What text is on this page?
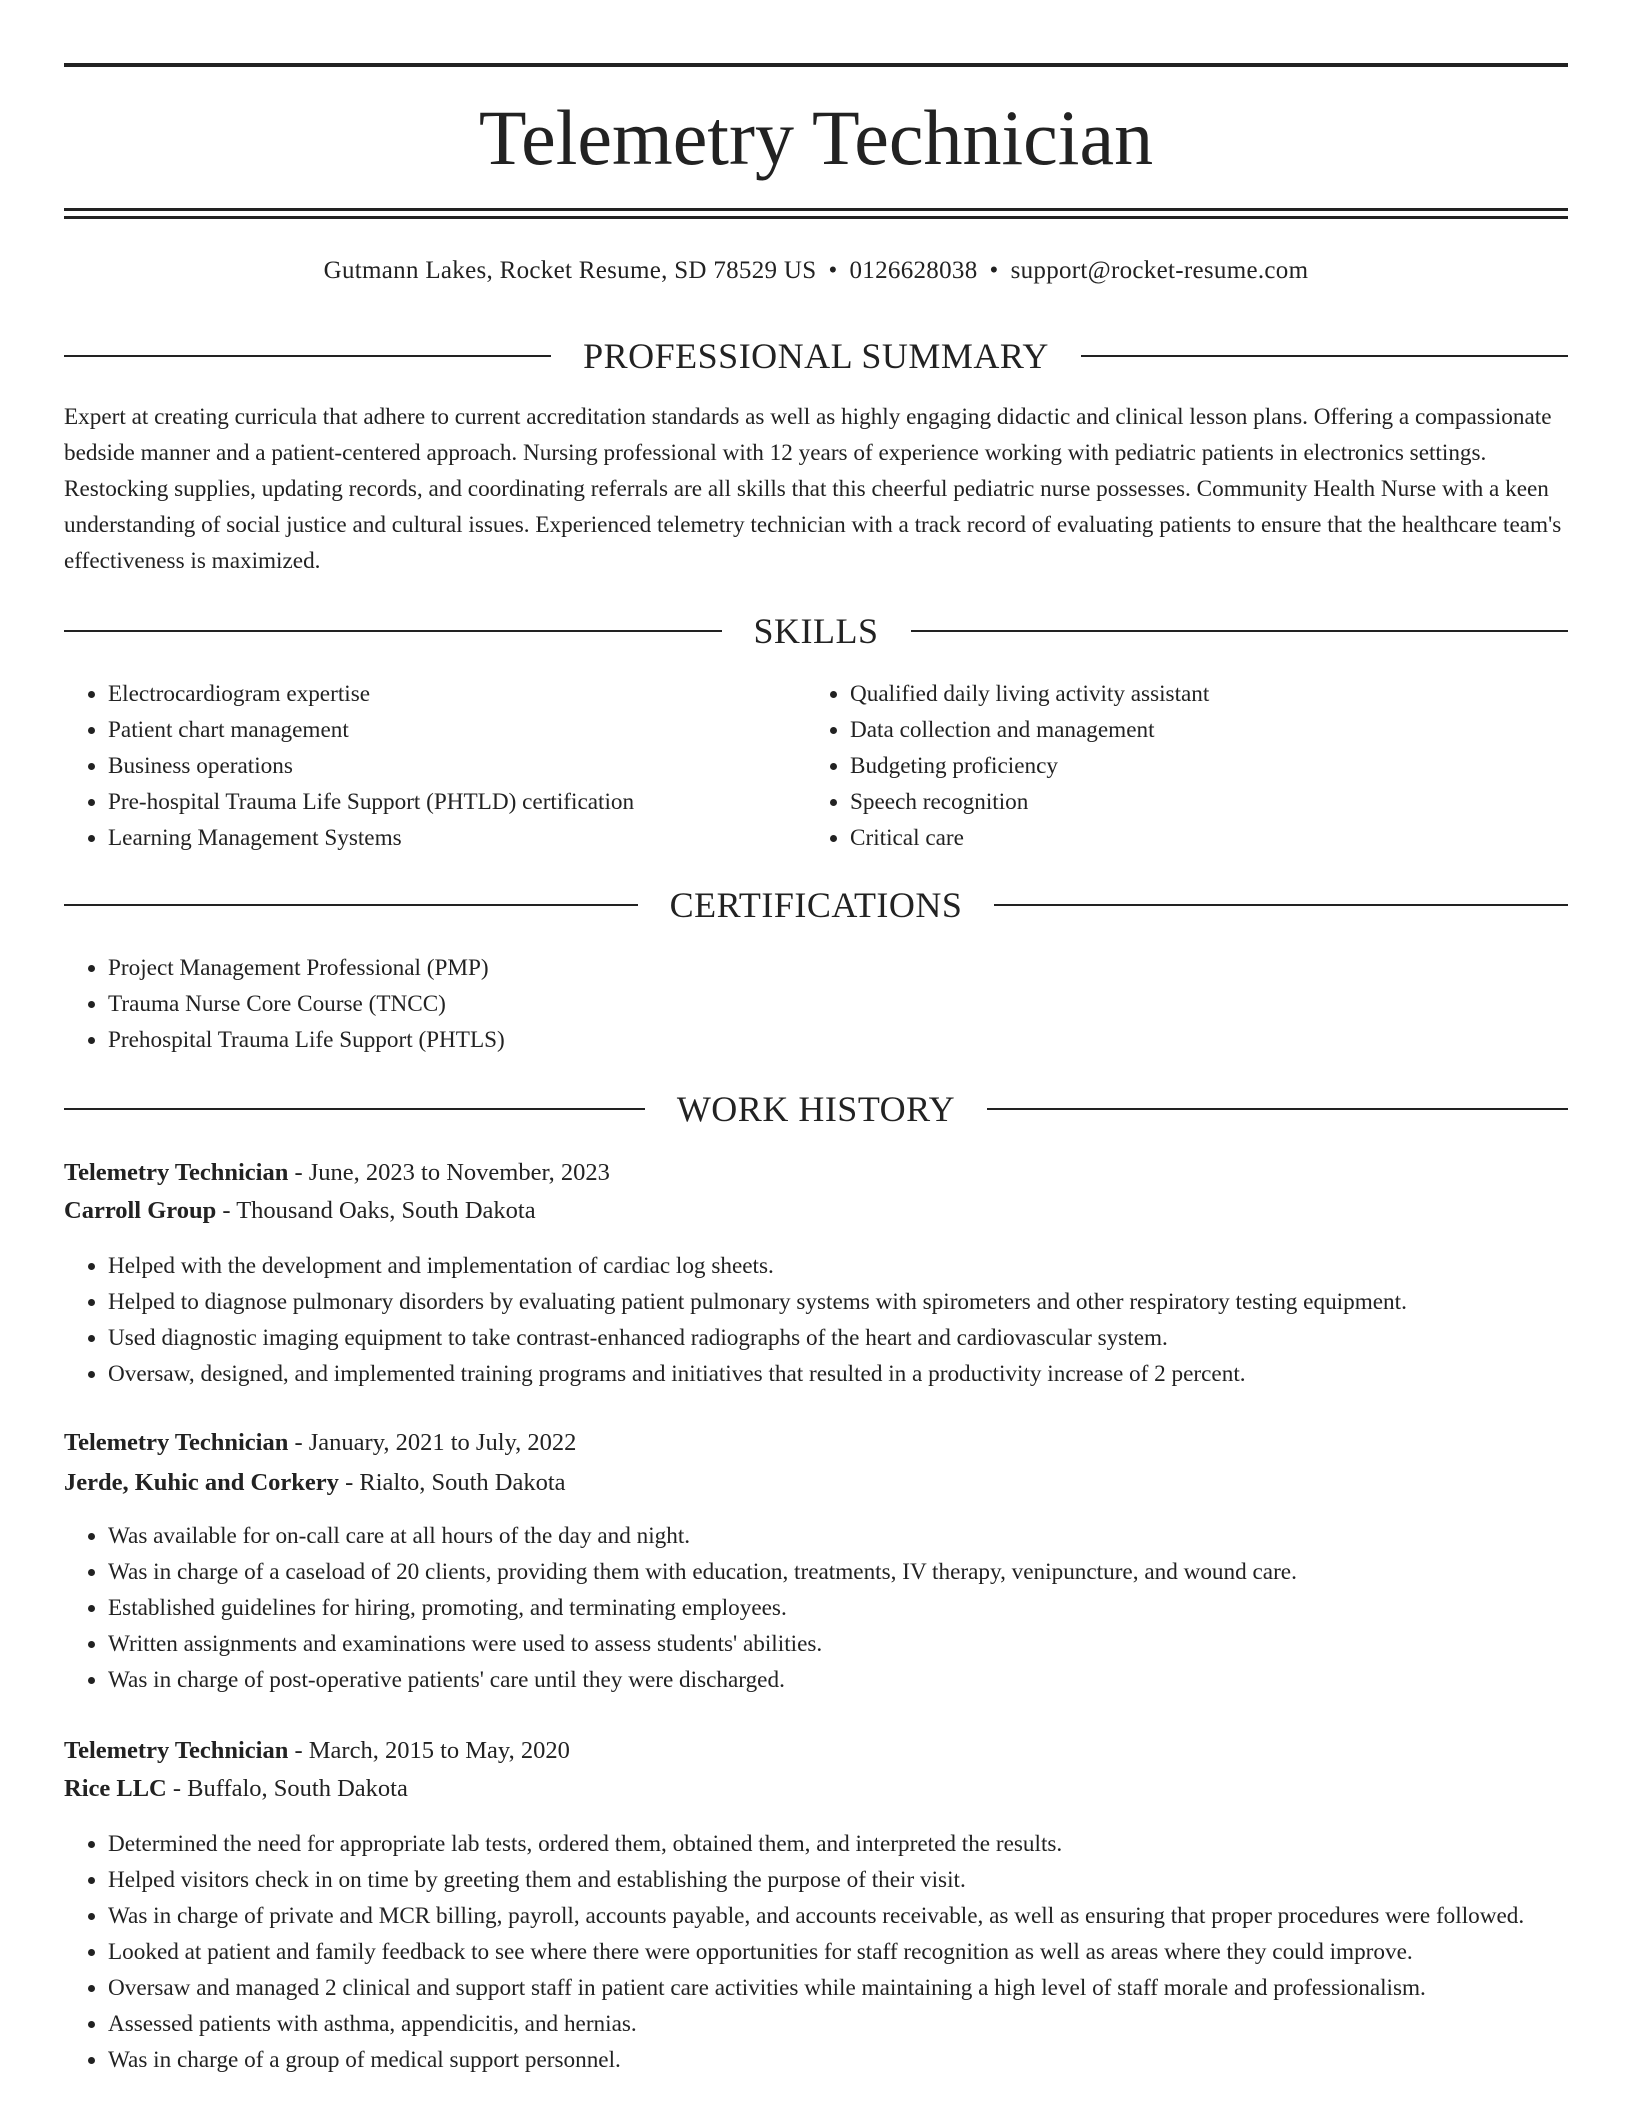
Telemetry Technician
Gutmann Lakes, Rocket Resume, SD 78529 US • 0126628038 • support@rocket-resume.com
PROFESSIONAL SUMMARY

Expert at creating curricula that adhere to current accreditation standards as well as highly engaging didactic and clinical lesson plans. Offering a compassionate bedside manner and a patient-centered approach. Nursing professional with 12 years of experience working with pediatric patients in electronics settings. Restocking supplies, updating records, and coordinating referrals are all skills that this cheerful pediatric nurse possesses. Community Health Nurse with a keen understanding of social justice and cultural issues. Experienced telemetry technician with a track record of evaluating patients to ensure that the healthcare team's effectiveness is maximized.

SKILLS
• Electrocardiogram expertise
• Patient chart management
• Business operations
• Pre-hospital Trauma Life Support (PHTLD) certification
• Learning Management Systems
• Qualified daily living activity assistant
• Data collection and management
• Budgeting proficiency
• Speech recognition
• Critical care
CERTIFICATIONS
• Project Management Professional (PMP)
• Trauma Nurse Core Course (TNCC)
• Prehospital Trauma Life Support (PHTLS)
WORK HISTORY
Telemetry Technician - June, 2023 to November, 2023
Carroll Group - Thousand Oaks, South Dakota
• Helped with the development and implementation of cardiac log sheets.
• Helped to diagnose pulmonary disorders by evaluating patient pulmonary systems with spirometers and other respiratory testing equipment.
• Used diagnostic imaging equipment to take contrast-enhanced radiographs of the heart and cardiovascular system.
• Oversaw, designed, and implemented training programs and initiatives that resulted in a productivity increase of 2 percent.
Telemetry Technician - January, 2021 to July, 2022
Jerde, Kuhic and Corkery - Rialto, South Dakota
• Was available for on-call care at all hours of the day and night.
• Was in charge of a caseload of 20 clients, providing them with education, treatments, IV therapy, venipuncture, and wound care.
• Established guidelines for hiring, promoting, and terminating employees.
• Written assignments and examinations were used to assess students' abilities.
• Was in charge of post-operative patients' care until they were discharged.
Telemetry Technician - March, 2015 to May, 2020
Rice LLC - Buffalo, South Dakota
• Determined the need for appropriate lab tests, ordered them, obtained them, and interpreted the results.
• Helped visitors check in on time by greeting them and establishing the purpose of their visit.
• Was in charge of private and MCR billing, payroll, accounts payable, and accounts receivable, as well as ensuring that proper procedures were followed.
• Looked at patient and family feedback to see where there were opportunities for staff recognition as well as areas where they could improve.
• Oversaw and managed 2 clinical and support staff in patient care activities while maintaining a high level of staff morale and professionalism.
• Assessed patients with asthma, appendicitis, and hernias.
• Was in charge of a group of medical support personnel.
